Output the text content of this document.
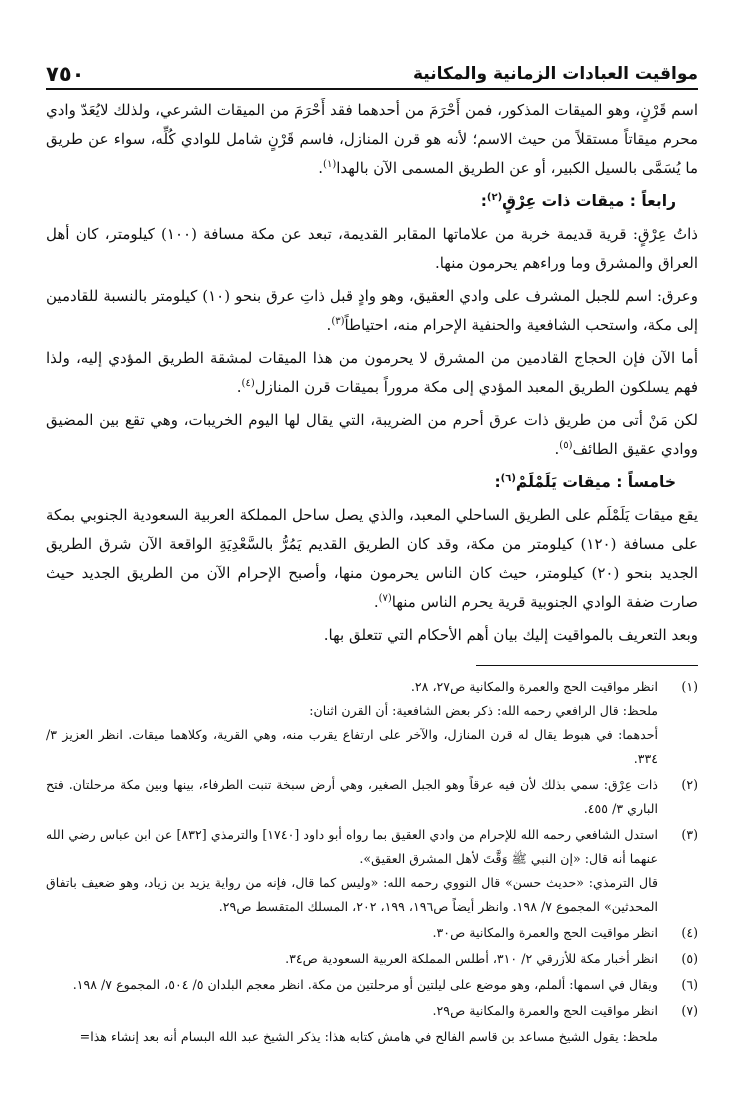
مواقيت العبادات الزمانية والمكانية
٧٥٠

اسم قَرْنٍ، وهو الميقات المذكور، فمن أَحْرَمَ من أحدهما فقد أَحْرَمَ من الميقات الشرعي، ولذلك لايُعَدّ وادي محرم ميقاتاً مستقلاً من حيث الاسم؛ لأنه هو قرن المنازل، فاسم قَرْنٍ شامل للوادي كُلِّه، سواء عن طريق ما يُسَمَّى بالسيل الكبير، أو عن الطريق المسمى الآن بالهدا$^{(١)}$.

رابعاً : ميقات ذات عِرْقٍ$^{(٢)}$:

ذاتُ عِرْقٍ: قرية قديمة خربة من علاماتها المقابر القديمة، تبعد عن مكة مسافة (١٠٠) كيلومتر، كان أهل العراق والمشرق وما وراءهم يحرمون منها.

وعرق: اسم للجبل المشرف على وادي العقيق، وهو وادٍ قبل ذاتِ عرق بنحو (١٠) كيلومتر بالنسبة للقادمين إلى مكة، واستحب الشافعية والحنفية الإحرام منه، احتياطاً$^{(٣)}$.

أما الآن فإن الحجاج القادمين من المشرق لا يحرمون من هذا الميقات لمشقة الطريق المؤدي إليه، ولذا فهم يسلكون الطريق المعبد المؤدي إلى مكة مروراً بميقات قرن المنازل$^{(٤)}$.

لكن مَنْ أتى من طريق ذات عرق أحرم من الضريبة، التي يقال لها اليوم الخريبات، وهي تقع بين المضيق ووادي عقيق الطائف$^{(٥)}$.

خامساً : ميقات يَلَمْلَمْ$^{(٦)}$:

يقع ميقات يَلَمْلَم على الطريق الساحلي المعبد، والذي يصل ساحل المملكة العربية السعودية الجنوبي بمكة على مسافة (١٢٠) كيلومتر من مكة، وقد كان الطريق القديم يَمُرُّ بالسَّعْدِيَةِ الواقعة الآن شرق الطريق الجديد بنحو (٢٠) كيلومتر، حيث كان الناس يحرمون منها، وأصبح الإحرام الآن من الطريق الجديد حيث صارت ضفة الوادي الجنوبية قرية يحرم الناس منها$^{(٧)}$.

وبعد التعريف بالمواقيت إليك بيان أهم الأحكام التي تتعلق بها.

(١)
انظر مواقيت الحج والعمرة والمكانية ص٢٧، ٢٨.
ملحظ: قال الرافعي رحمه الله: ذكر بعض الشافعية: أن القرن اثنان:
أحدهما: في هبوط يقال له قرن المنازل، والآخر على ارتفاع يقرب منه، وهي القرية، وكلاهما ميقات. انظر العزيز ٣/ ٣٣٤.
(٢)
ذات عِرْق: سمي بذلك لأن فيه عرقاً وهو الجبل الصغير، وهي أرض سبخة تنبت الطرفاء، بينها وبين مكة مرحلتان. فتح الباري ٣/ ٤٥٥.
(٣)
استدل الشافعي رحمه الله للإحرام من وادي العقيق بما رواه أبو داود [١٧٤٠] والترمذي [٨٣٢] عن ابن عباس رضي الله عنهما أنه قال: «إن النبي ﷺ وَقَّتَ لأهل المشرق العقيق».
قال الترمذي: «حديث حسن» قال النووي رحمه الله: «وليس كما قال، فإنه من رواية يزيد بن زياد، وهو ضعيف باتفاق المحدثين» المجموع ٧/ ١٩٨. وانظر أيضاً ص١٩٦، ١٩٩، ٢٠٢، المسلك المتقسط ص٢٩.
(٤)
انظر مواقيت الحج والعمرة والمكانية ص٣٠.
(٥)
انظر أخبار مكة للأزرقي ٢/ ٣١٠، أطلس المملكة العربية السعودية ص٣٤.
(٦)
ويقال في اسمها: ألملم، وهو موضع على ليلتين أو مرحلتين من مكة. انظر معجم البلدان ٥/ ٥٠٤، المجموع ٧/ ١٩٨.
(٧)
انظر مواقيت الحج والعمرة والمكانية ص٢٩.
ملحظ: يقول الشيخ مساعد بن قاسم الفالح في هامش كتابه هذا: يذكر الشيخ عبد الله البسام أنه بعد إنشاء هذا=
